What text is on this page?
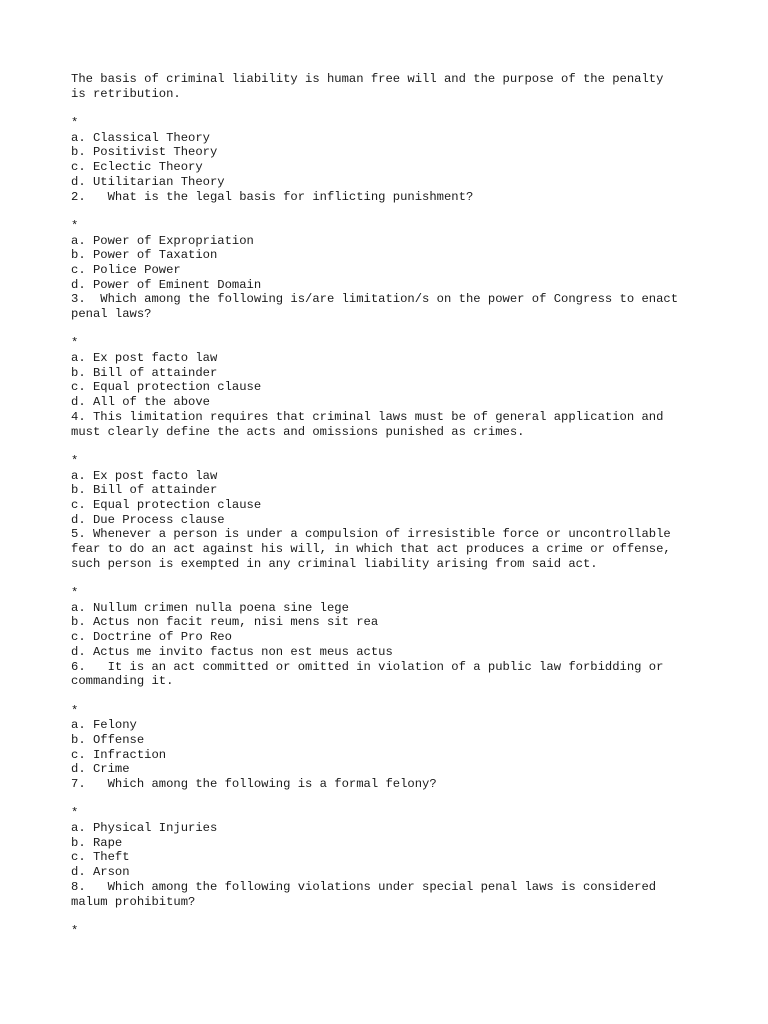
The basis of criminal liability is human free will and the purpose of the penalty
is retribution.
*
a. Classical Theory
b. Positivist Theory
c. Eclectic Theory
d. Utilitarian Theory
2.   What is the legal basis for inflicting punishment?
*
a. Power of Expropriation
b. Power of Taxation
c. Police Power
d. Power of Eminent Domain
3.  Which among the following is/are limitation/s on the power of Congress to enact
penal laws?
*
a. Ex post facto law
b. Bill of attainder
c. Equal protection clause
d. All of the above
4. This limitation requires that criminal laws must be of general application and
must clearly define the acts and omissions punished as crimes.
*
a. Ex post facto law
b. Bill of attainder
c. Equal protection clause
d. Due Process clause
5. Whenever a person is under a compulsion of irresistible force or uncontrollable
fear to do an act against his will, in which that act produces a crime or offense,
such person is exempted in any criminal liability arising from said act.
*
a. Nullum crimen nulla poena sine lege
b. Actus non facit reum, nisi mens sit rea
c. Doctrine of Pro Reo
d. Actus me invito factus non est meus actus
6.   It is an act committed or omitted in violation of a public law forbidding or
commanding it.
*
a. Felony
b. Offense
c. Infraction
d. Crime
7.   Which among the following is a formal felony?
*
a. Physical Injuries
b. Rape
c. Theft
d. Arson
8.   Which among the following violations under special penal laws is considered
malum prohibitum?
*
